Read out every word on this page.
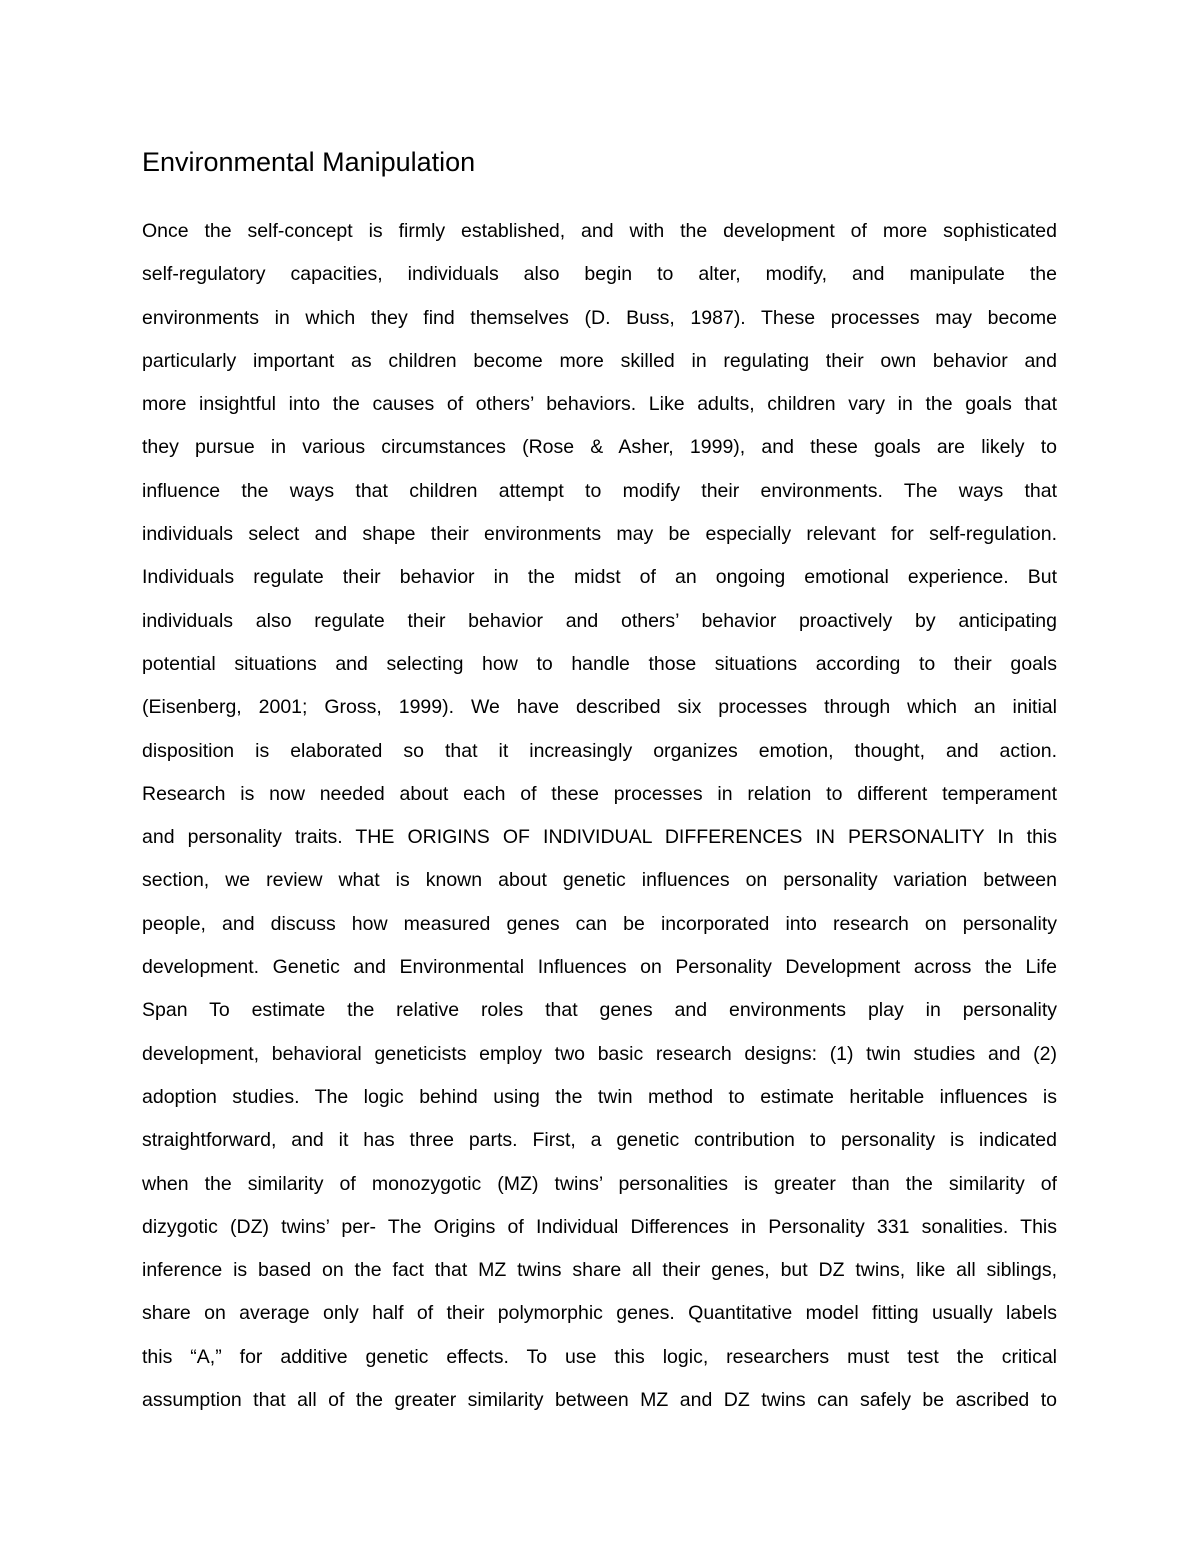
Environmental Manipulation
Once the self-concept is firmly established, and with the development of more sophisticated
self-regulatory capacities, individuals also begin to alter, modify, and manipulate the
environments in which they find themselves (D. Buss, 1987). These processes may become
particularly important as children become more skilled in regulating their own behavior and
more insightful into the causes of others’ behaviors. Like adults, children vary in the goals that
they pursue in various circumstances (Rose & Asher, 1999), and these goals are likely to
influence the ways that children attempt to modify their environments. The ways that
individuals select and shape their environments may be especially relevant for self-regulation.
Individuals regulate their behavior in the midst of an ongoing emotional experience. But
individuals also regulate their behavior and others’ behavior proactively by anticipating
potential situations and selecting how to handle those situations according to their goals
(Eisenberg, 2001; Gross, 1999). We have described six processes through which an initial
disposition is elaborated so that it increasingly organizes emotion, thought, and action.
Research is now needed about each of these processes in relation to different temperament
and personality traits. THE ORIGINS OF INDIVIDUAL DIFFERENCES IN PERSONALITY In this
section, we review what is known about genetic influences on personality variation between
people, and discuss how measured genes can be incorporated into research on personality
development. Genetic and Environmental Influences on Personality Development across the Life
Span To estimate the relative roles that genes and environments play in personality
development, behavioral geneticists employ two basic research designs: (1) twin studies and (2)
adoption studies. The logic behind using the twin method to estimate heritable influences is
straightforward, and it has three parts. First, a genetic contribution to personality is indicated
when the similarity of monozygotic (MZ) twins’ personalities is greater than the similarity of
dizygotic (DZ) twins’ per- The Origins of Individual Differences in Personality 331 sonalities. This
inference is based on the fact that MZ twins share all their genes, but DZ twins, like all siblings,
share on average only half of their polymorphic genes. Quantitative model fitting usually labels
this “A,” for additive genetic effects. To use this logic, researchers must test the critical
assumption that all of the greater similarity between MZ and DZ twins can safely be ascribed to
